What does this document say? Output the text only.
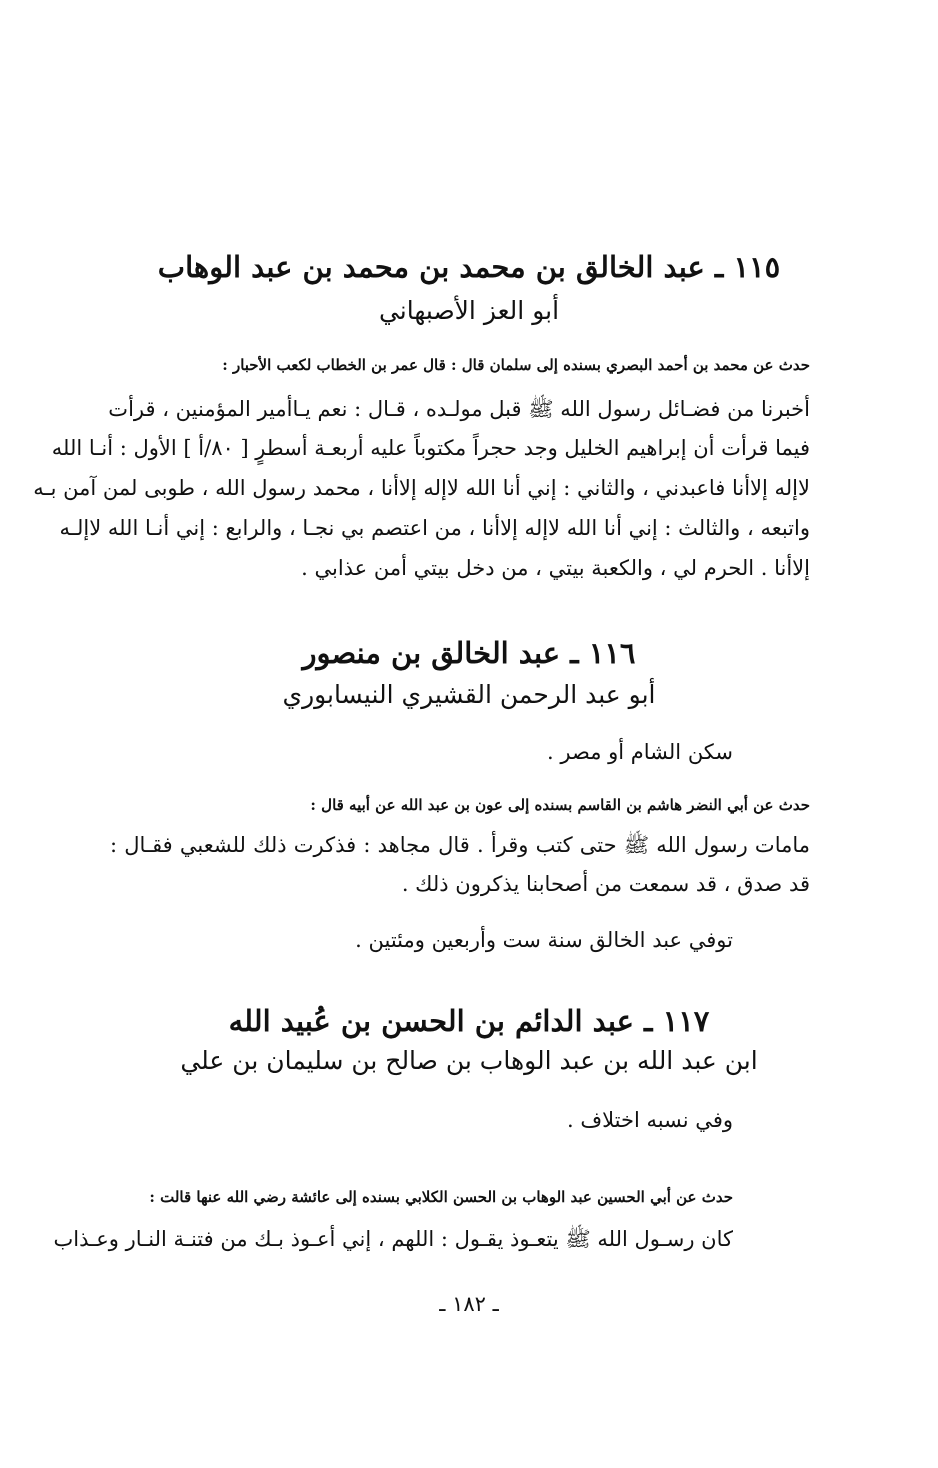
١١٥ ـ عبد الخالق بن محمد بن محمد بن عبد الوهاب
أبو العز الأصبهاني
حدث عن محمد بن أحمد البصري بسنده إلى سلمان قال : قال عمر بن الخطاب لكعب الأحبار :
أخبرنا من فضـائل رسول الله ﷺ قبل مولـده ، قـال : نعم يـاأمير المؤمنين ، قرأت
فيما قرأت أن إبراهيم الخليل وجد حجراً مكتوباً عليه أربعـة أسطرٍ [ ٨٠/أ ] الأول : أنـا الله
لاإله إلاأنا فاعبدني ، والثاني : إني أنا الله لاإله إلاأنا ، محمد رسول الله ، طوبى لمن آمن بـه
واتبعه ، والثالث : إني أنا الله لاإله إلاأنا ، من اعتصم بي نجـا ، والرابع : إني أنـا الله لاإلـه
إلاأنا . الحرم لي ، والكعبة بيتي ، من دخل بيتي أمن عذابي .
١١٦ ـ عبد الخالق بن منصور
أبو عبد الرحمن القشيري النيسابوري
سكن الشام أو مصر .
حدث عن أبي النضر هاشم بن القاسم بسنده إلى عون بن عبد الله عن أبيه قال :
مامات رسول الله ﷺ حتى كتب وقرأ . قال مجاهد : فذكرت ذلك للشعبي فقـال :
قد صدق ، قد سمعت من أصحابنا يذكرون ذلك .
توفي عبد الخالق سنة ست وأربعين ومئتين .
١١٧ ـ عبد الدائم بن الحسن بن عُبيد الله
ابن عبد الله بن عبد الوهاب بن صالح بن سليمان بن علي
وفي نسبه اختلاف .
حدث عن أبي الحسين عبد الوهاب بن الحسن الكلابي بسنده إلى عائشة رضي الله عنها قالت :
كان رسـول الله ﷺ يتعـوذ يقـول : اللهم ، إني أعـوذ بـك من فتنـة النـار وعـذاب
ـ ١٨٢ ـ
